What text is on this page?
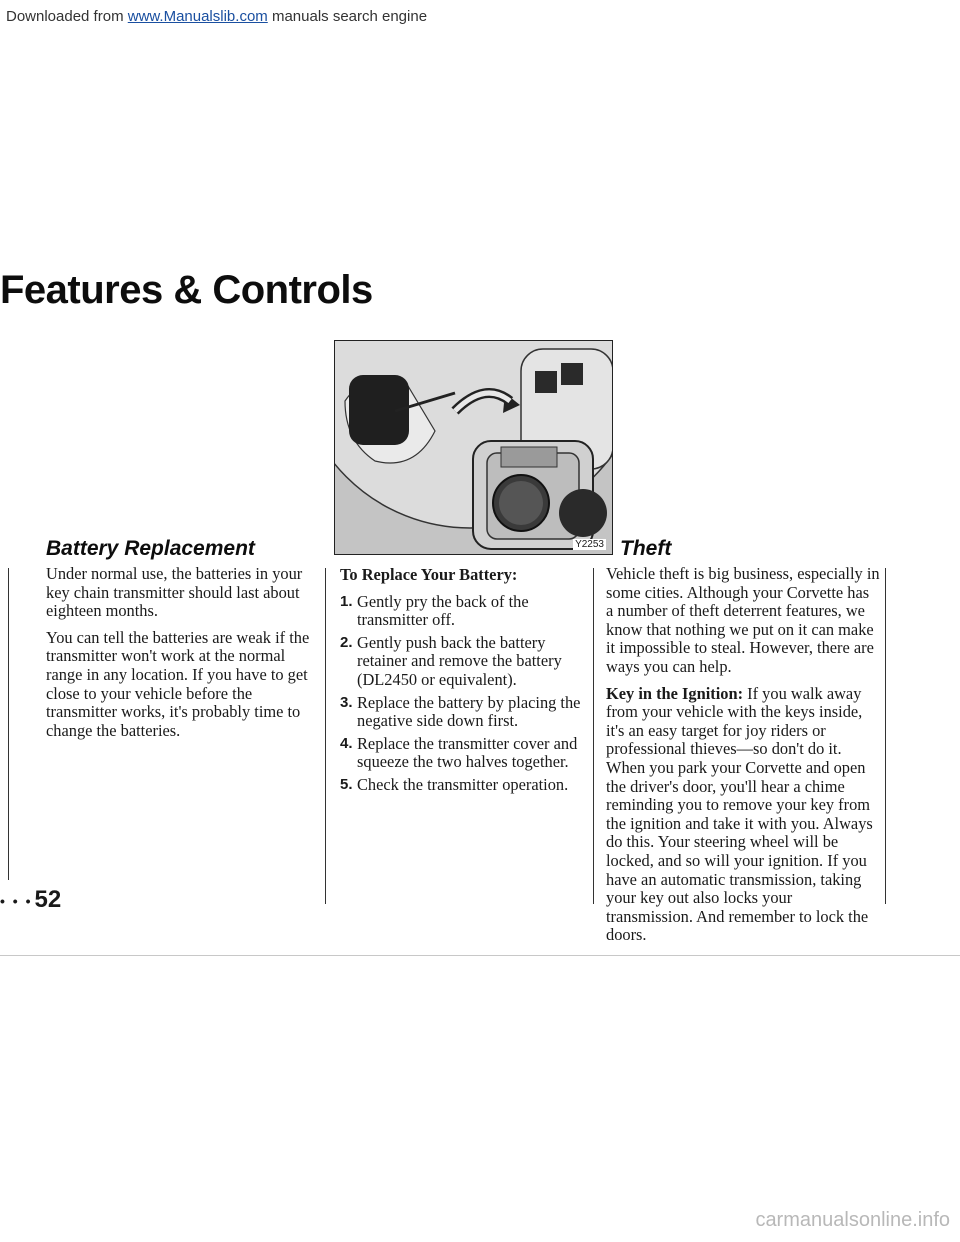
Downloaded from www.Manualslib.com manuals search engine
Features & Controls
Y2253
Battery Replacement

Under normal use, the batteries in your key chain transmitter should last about eighteen months.

You can tell the batteries are weak if the transmitter won't work at the normal range in any location. If you have to get close to your vehicle before the transmitter works, it's probably time to change the batteries.

To Replace Your Battery:

1. Gently pry the back of the transmitter off.
2. Gently push back the battery retainer and remove the battery (DL2450 or equivalent).
3. Replace the battery by placing the negative side down first.
4. Replace the transmitter cover and squeeze the two halves together.
5. Check the transmitter operation.
Theft

Vehicle theft is big business, especially in some cities. Although your Corvette has a number of theft deterrent features, we know that nothing we put on it can make it impossible to steal. However, there are ways you can help.

Key in the Ignition: If you walk away from your vehicle with the keys inside, it's an easy target for joy riders or professional thieves—so don't do it. When you park your Corvette and open the driver's door, you'll hear a chime reminding you to remove your key from the ignition and take it with you. Always do this. Your steering wheel will be locked, and so will your ignition. If you have an automatic transmission, taking your key out also locks your transmission. And remember to lock the doors.

• • •52
carmanualsonline.info
